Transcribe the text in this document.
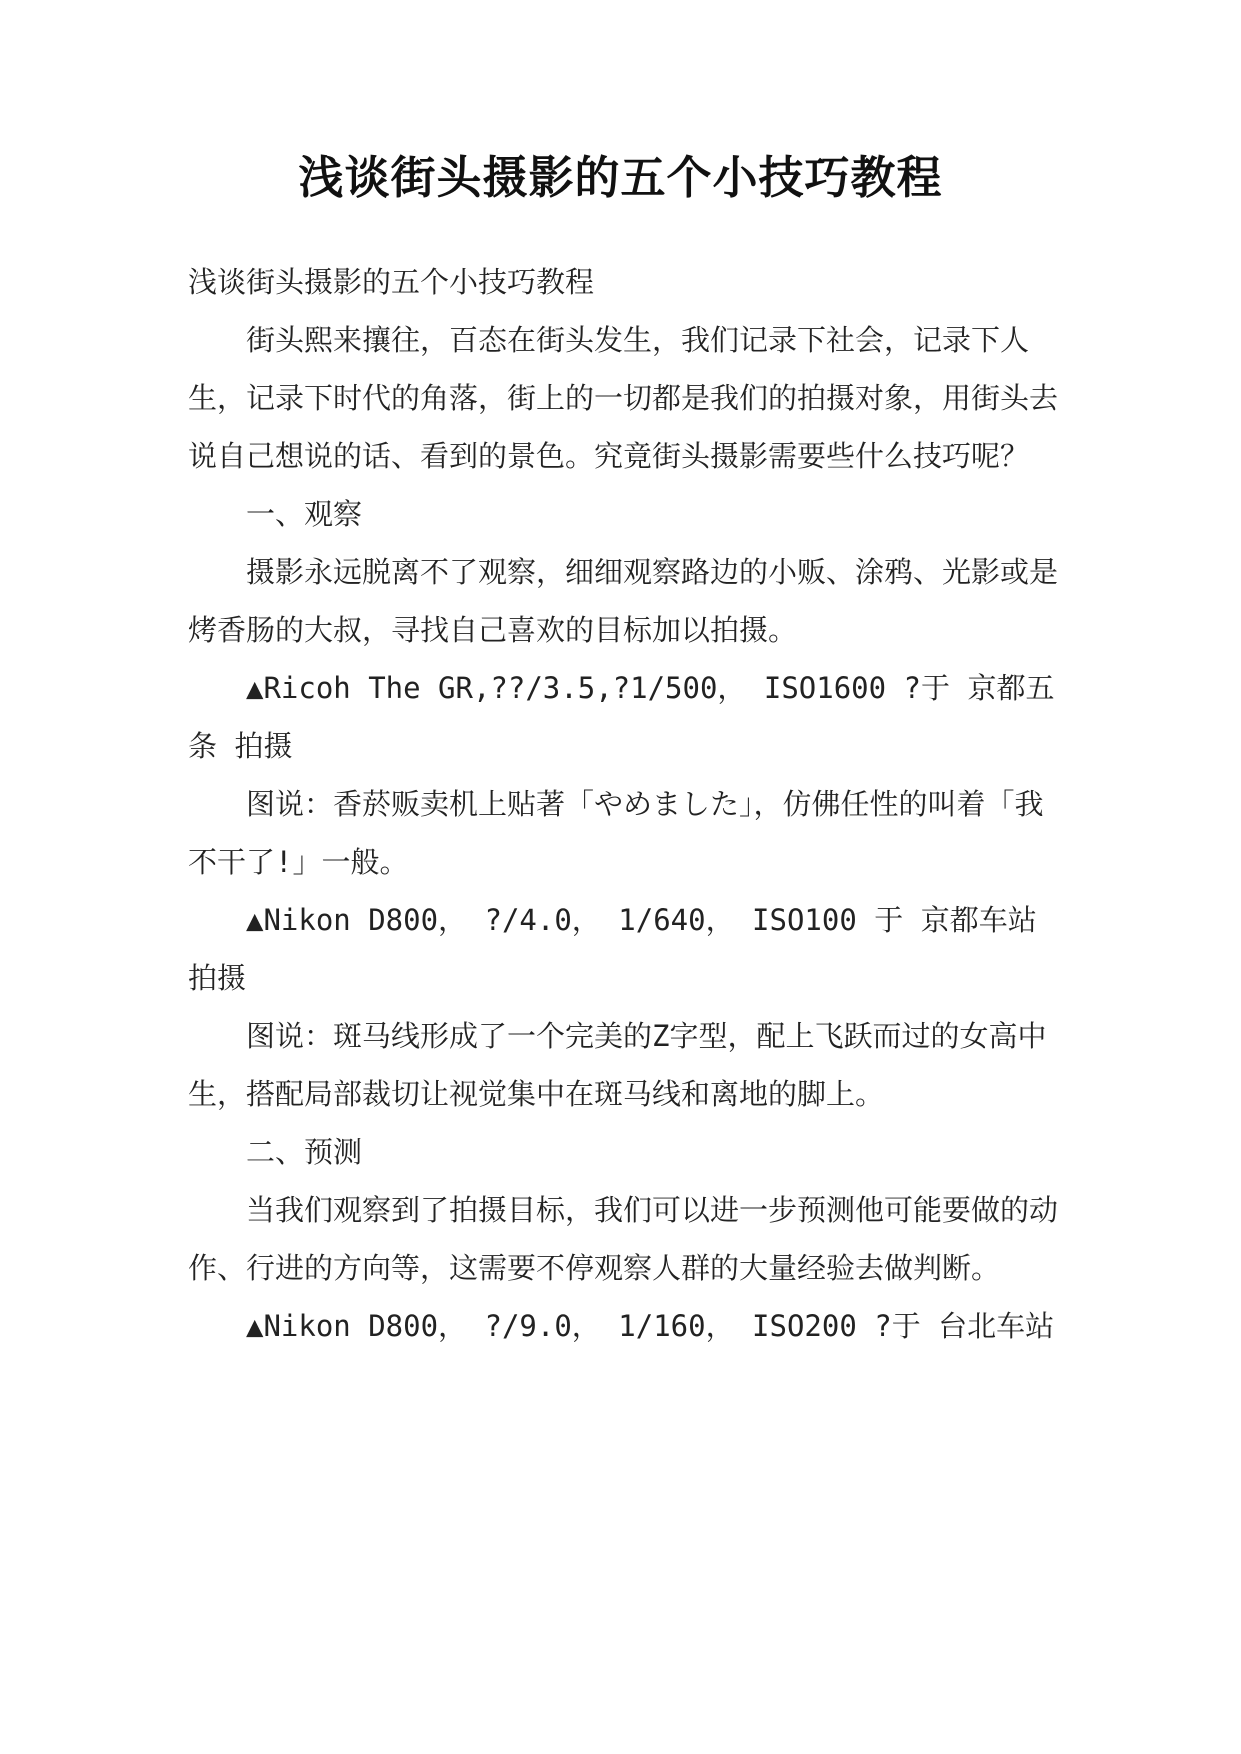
浅谈街头摄影的五个小技巧教程

浅谈街头摄影的五个小技巧教程

街头熙来攘往，百态在街头发生，我们记录下社会，记录下人生，记录下时代的角落，街上的一切都是我们的拍摄对象，用街头去说自己想说的话、看到的景色。究竟街头摄影需要些什么技巧呢？

一、观察

摄影永远脱离不了观察，细细观察路边的小贩、涂鸦、光影或是烤香肠的大叔，寻找自己喜欢的目标加以拍摄。

▲Ricoh The GR,??/3.5,?1/500， ISO1600 ?于 京都五条 拍摄

图说：香菸贩卖机上贴著「やめました」，仿佛任性的叫着「我不干了!」一般。

▲Nikon D800， ?/4.0， 1/640， ISO100 于 京都车站拍摄

图说：斑马线形成了一个完美的Z字型，配上飞跃而过的女高中生，搭配局部裁切让视觉集中在斑马线和离地的脚上。

二、预测

当我们观察到了拍摄目标，我们可以进一步预测他可能要做的动作、行进的方向等，这需要不停观察人群的大量经验去做判断。

▲Nikon D800， ?/9.0， 1/160， ISO200 ?于 台北车站
